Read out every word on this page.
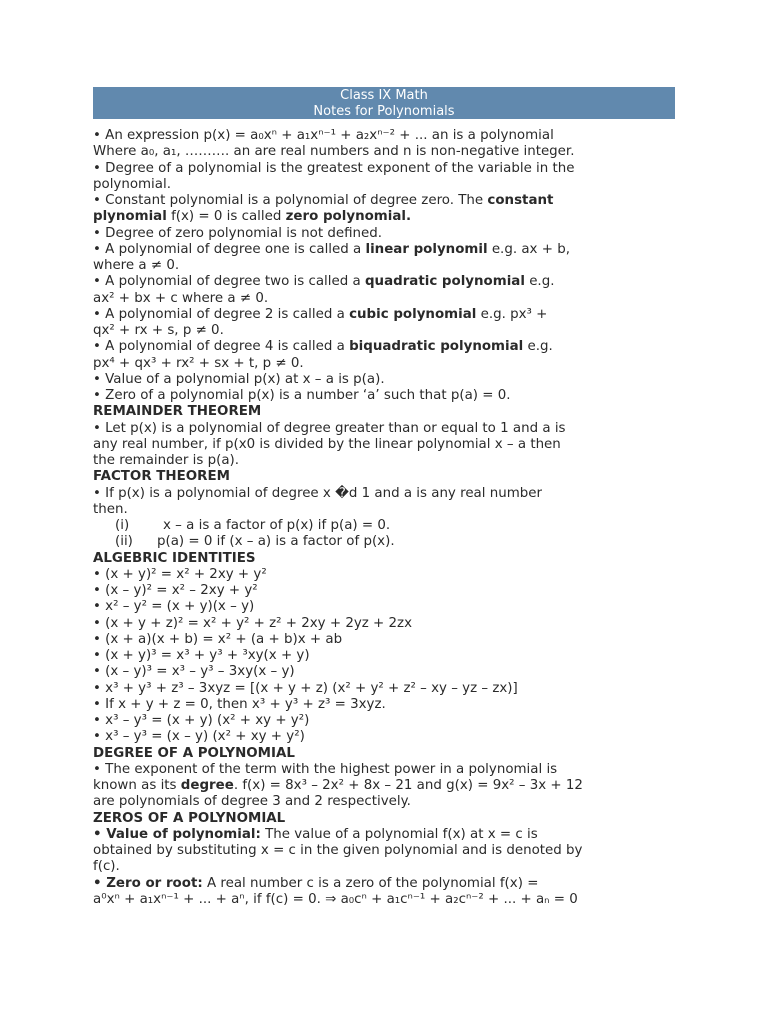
Class IX Math
Notes for Polynomials
• An expression p(x) = a₀xⁿ + a₁xⁿ⁻¹ + a₂xⁿ⁻² + ... an is a polynomial
Where a₀, a₁, ………. an are real numbers and n is non-negative integer.
• Degree of a polynomial is the greatest exponent of the variable in the
polynomial.
• Constant polynomial is a polynomial of degree zero. The constant
plynomial f(x) = 0 is called zero polynomial.
• Degree of zero polynomial is not defined.
• A polynomial of degree one is called a linear polynomil e.g. ax + b,
where a ≠ 0.
• A polynomial of degree two is called a quadratic polynomial e.g.
ax² + bx + c where a ≠ 0.
• A polynomial of degree 2 is called a cubic polynomial e.g. px³ +
qx² + rx + s, p ≠ 0.
• A polynomial of degree 4 is called a biquadratic polynomial e.g.
px⁴ + qx³ + rx² + sx + t, p ≠ 0.
• Value of a polynomial p(x) at x – a is p(a).
• Zero of a polynomial p(x) is a number ‘a’ such that p(a) = 0.
REMAINDER THEOREM
• Let p(x) is a polynomial of degree greater than or equal to 1 and a is
any real number, if p(x0 is divided by the linear polynomial x – a then
the remainder is p(a).
FACTOR THEOREM
• If p(x) is a polynomial of degree x �d 1 and a is any real number
then.
(i)	x – a is a factor of p(x) if p(a) = 0.
(ii) p(a) = 0 if (x – a) is a factor of p(x).
ALGEBRIC IDENTITIES
• (x + y)² = x² + 2xy + y²
• (x – y)² = x² – 2xy + y²
• x² – y² = (x + y)(x – y)
• (x + y + z)² = x² + y² + z² + 2xy + 2yz + 2zx
• (x + a)(x + b) = x² + (a + b)x + ab
• (x + y)³ = x³ + y³ + ³xy(x + y)
• (x – y)³ = x³ – y³ – 3xy(x – y)
• x³ + y³ + z³ – 3xyz = [(x + y + z) (x² + y² + z² – xy – yz – zx)]
• If x + y + z = 0, then x³ + y³ + z³ = 3xyz.
• x³ – y³ = (x + y) (x² + xy + y²)
• x³ – y³ = (x – y) (x² + xy + y²)
DEGREE OF A POLYNOMIAL
• The exponent of the term with the highest power in a polynomial is
known as its degree. f(x) = 8x³ – 2x² + 8x – 21 and g(x) = 9x² – 3x + 12
are polynomials of degree 3 and 2 respectively.
ZEROS OF A POLYNOMIAL
• Value of polynomial: The value of a polynomial f(x) at x = c is
obtained by substituting x = c in the given polynomial and is denoted by
f(c).
• Zero or root: A real number c is a zero of the polynomial f(x) =
a⁰xⁿ + a₁xⁿ⁻¹ + ... + aⁿ, if f(c) = 0. ⇒ a₀cⁿ + a₁cⁿ⁻¹ + a₂cⁿ⁻² + ... + aₙ = 0
